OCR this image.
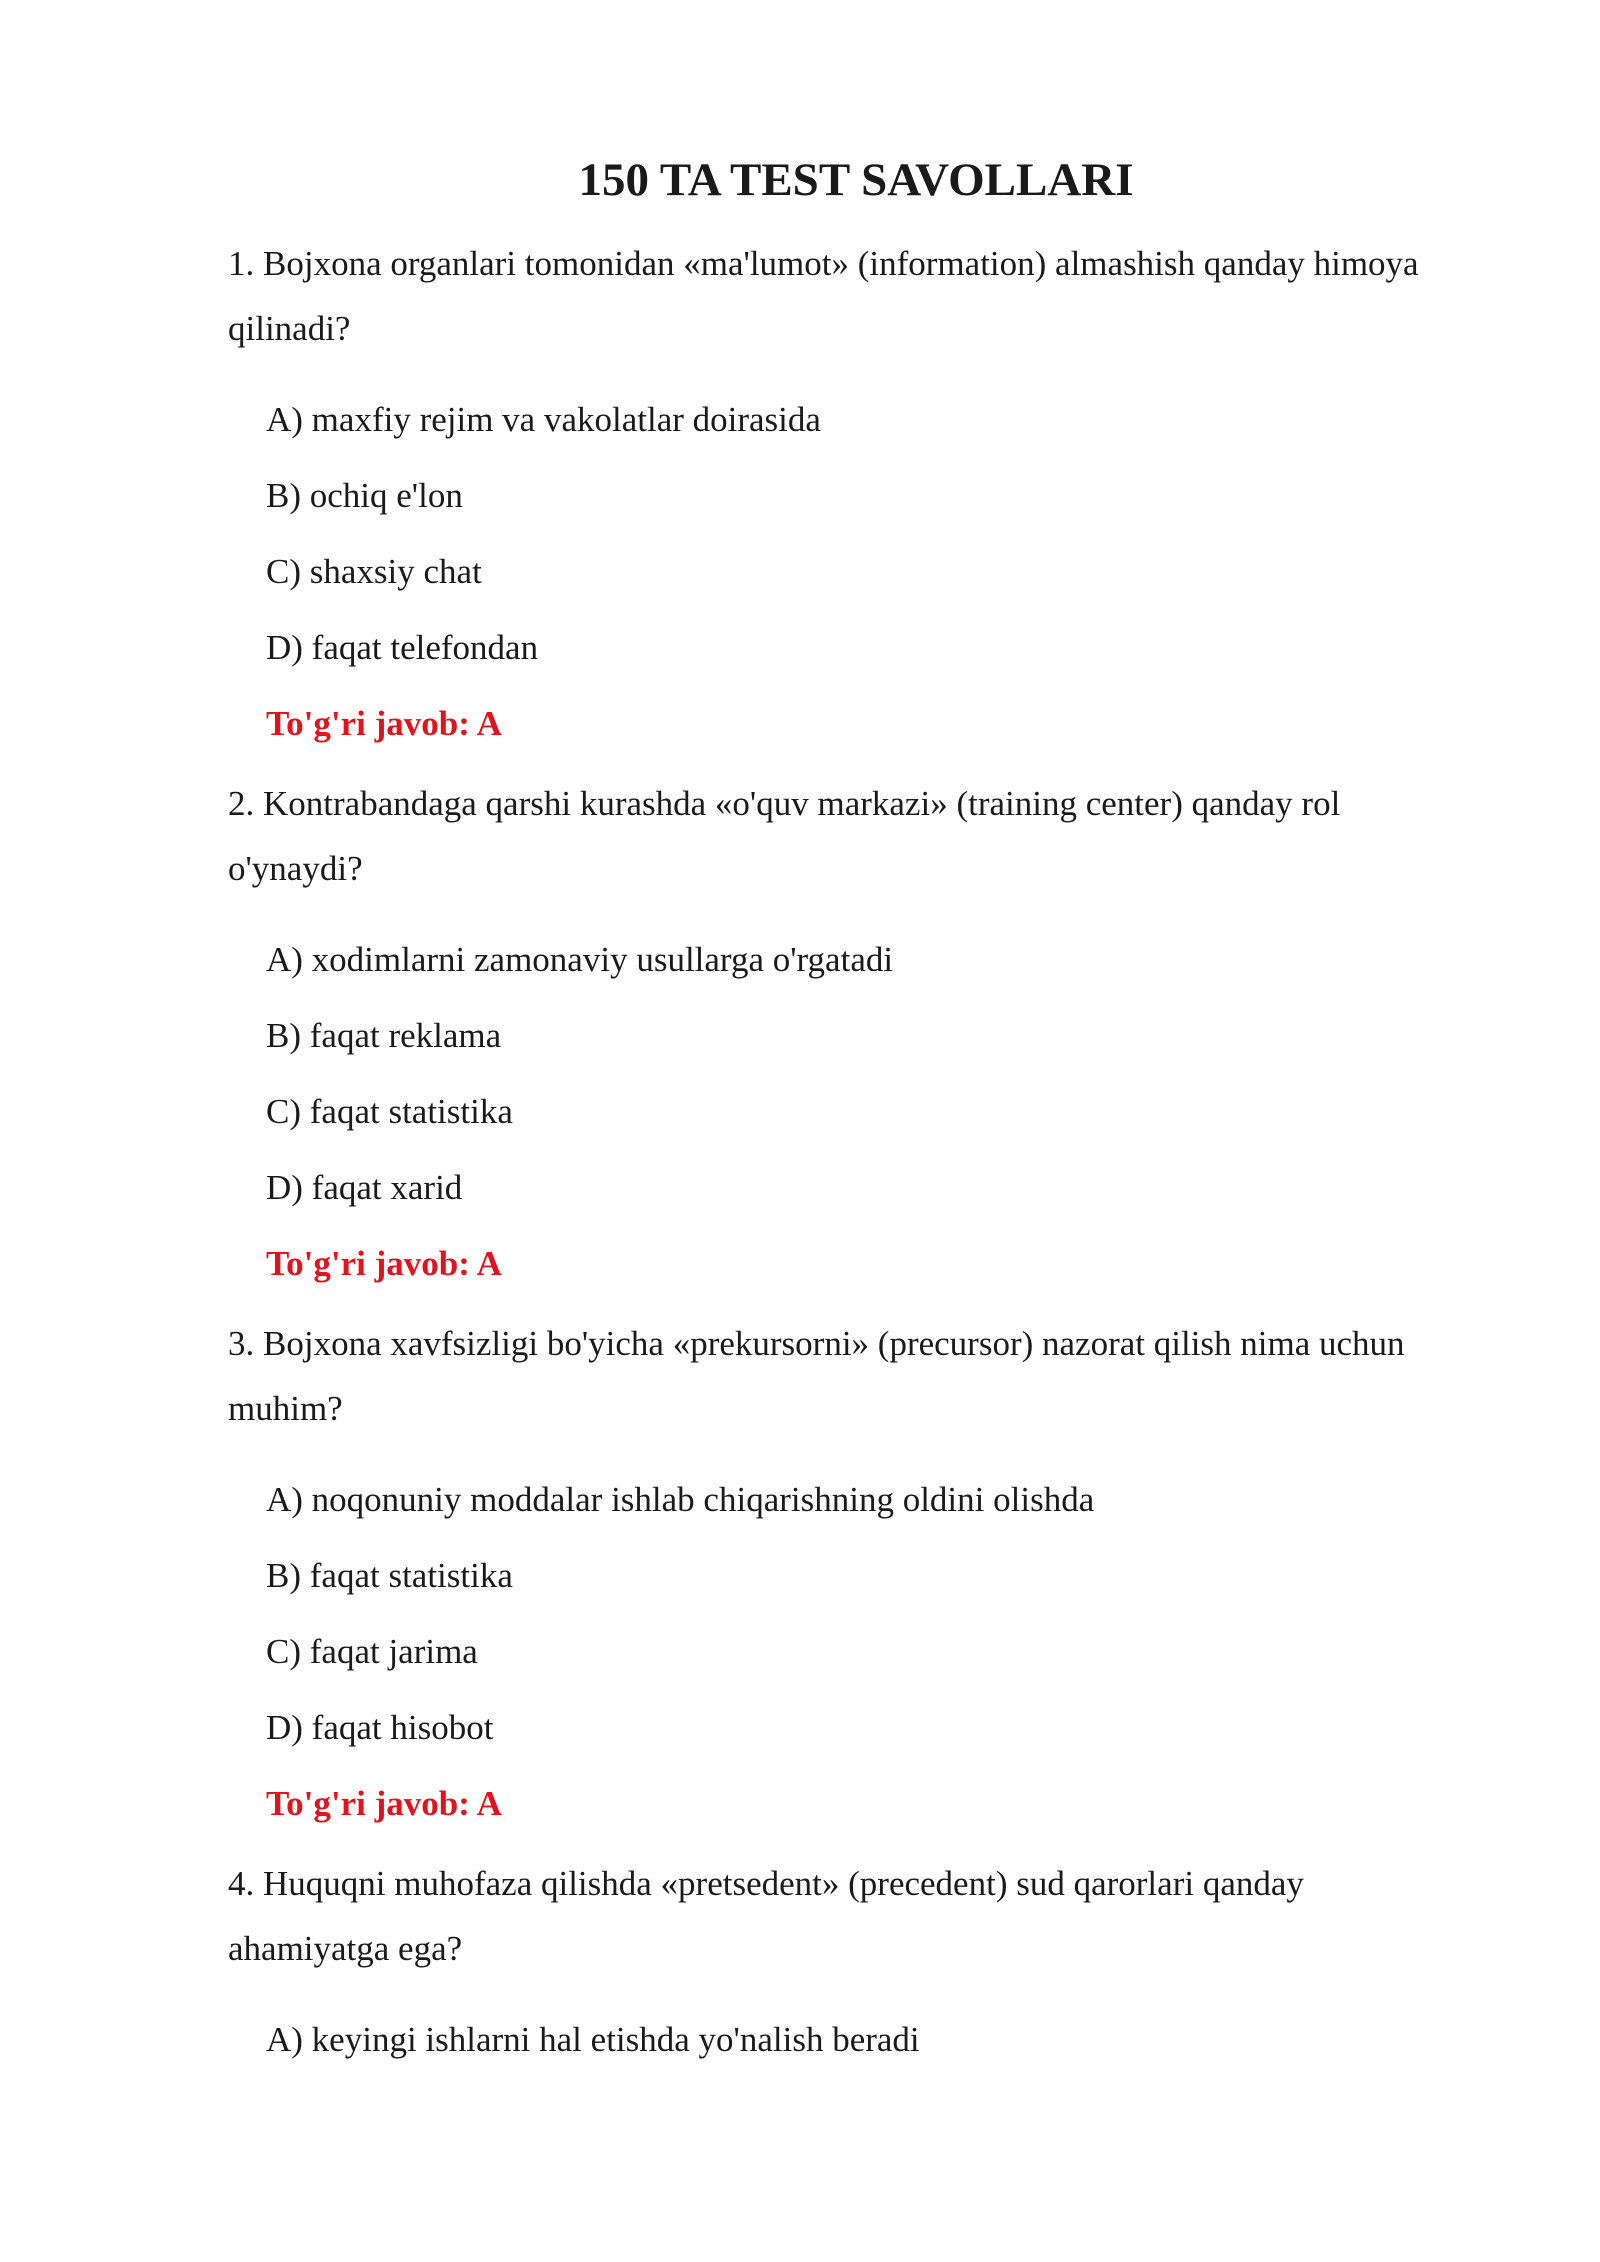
150 TA TEST SAVOLLARI

1. Bojxona organlari tomonidan «ma'lumot» (information) almashish qanday himoya qilinadi?

A) maxfiy rejim va vakolatlar doirasida

B) ochiq e'lon

C) shaxsiy chat

D) faqat telefondan

To'g'ri javob: A

2. Kontrabandaga qarshi kurashda «o'quv markazi» (training center) qanday rol o'ynaydi?

A) xodimlarni zamonaviy usullarga o'rgatadi

B) faqat reklama

C) faqat statistika

D) faqat xarid

To'g'ri javob: A

3. Bojxona xavfsizligi bo'yicha «prekursorni» (precursor) nazorat qilish nima uchun muhim?

A) noqonuniy moddalar ishlab chiqarishning oldini olishda

B) faqat statistika

C) faqat jarima

D) faqat hisobot

To'g'ri javob: A

4. Huquqni muhofaza qilishda «pretsedent» (precedent) sud qarorlari qanday ahamiyatga ega?

A) keyingi ishlarni hal etishda yo'nalish beradi
